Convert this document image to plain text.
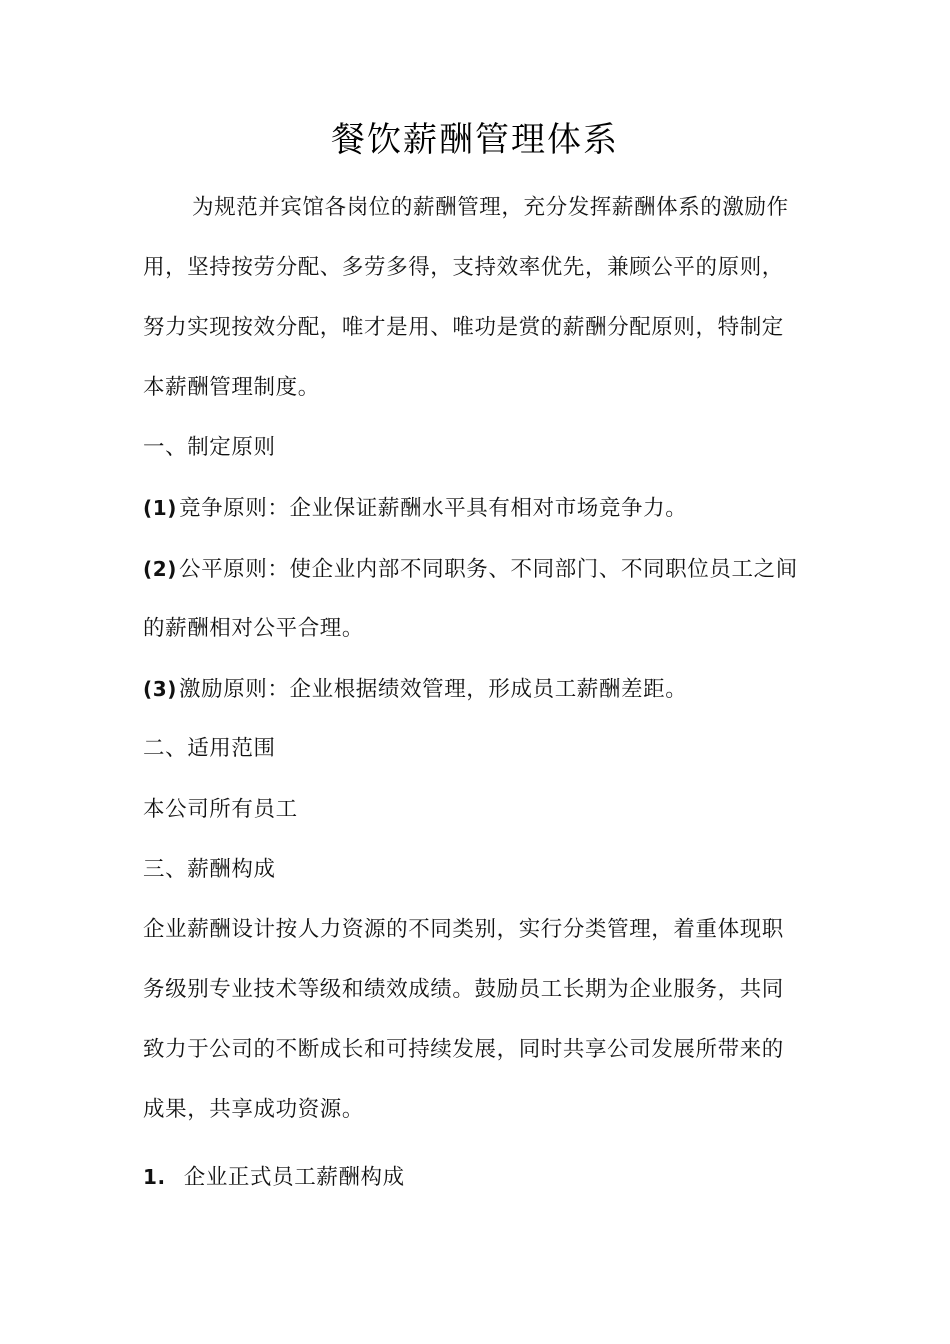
餐饮薪酬管理体系
为规范并宾馆各岗位的薪酬管理，充分发挥薪酬体系的激励作
用，坚持按劳分配、多劳多得，支持效率优先，兼顾公平的原则，
努力实现按效分配，唯才是用、唯功是赏的薪酬分配原则，特制定
本薪酬管理制度。
一、制定原则
(1)竞争原则：企业保证薪酬水平具有相对市场竞争力。
(2)公平原则：使企业内部不同职务、不同部门、不同职位员工之间
的薪酬相对公平合理。
(3)激励原则：企业根据绩效管理，形成员工薪酬差距。
二、适用范围
本公司所有员工
三、薪酬构成
企业薪酬设计按人力资源的不同类别，实行分类管理，着重体现职
务级别专业技术等级和绩效成绩。鼓励员工长期为企业服务，共同
致力于公司的不断成长和可持续发展，同时共享公司发展所带来的
成果，共享成功资源。
1. 企业正式员工薪酬构成
